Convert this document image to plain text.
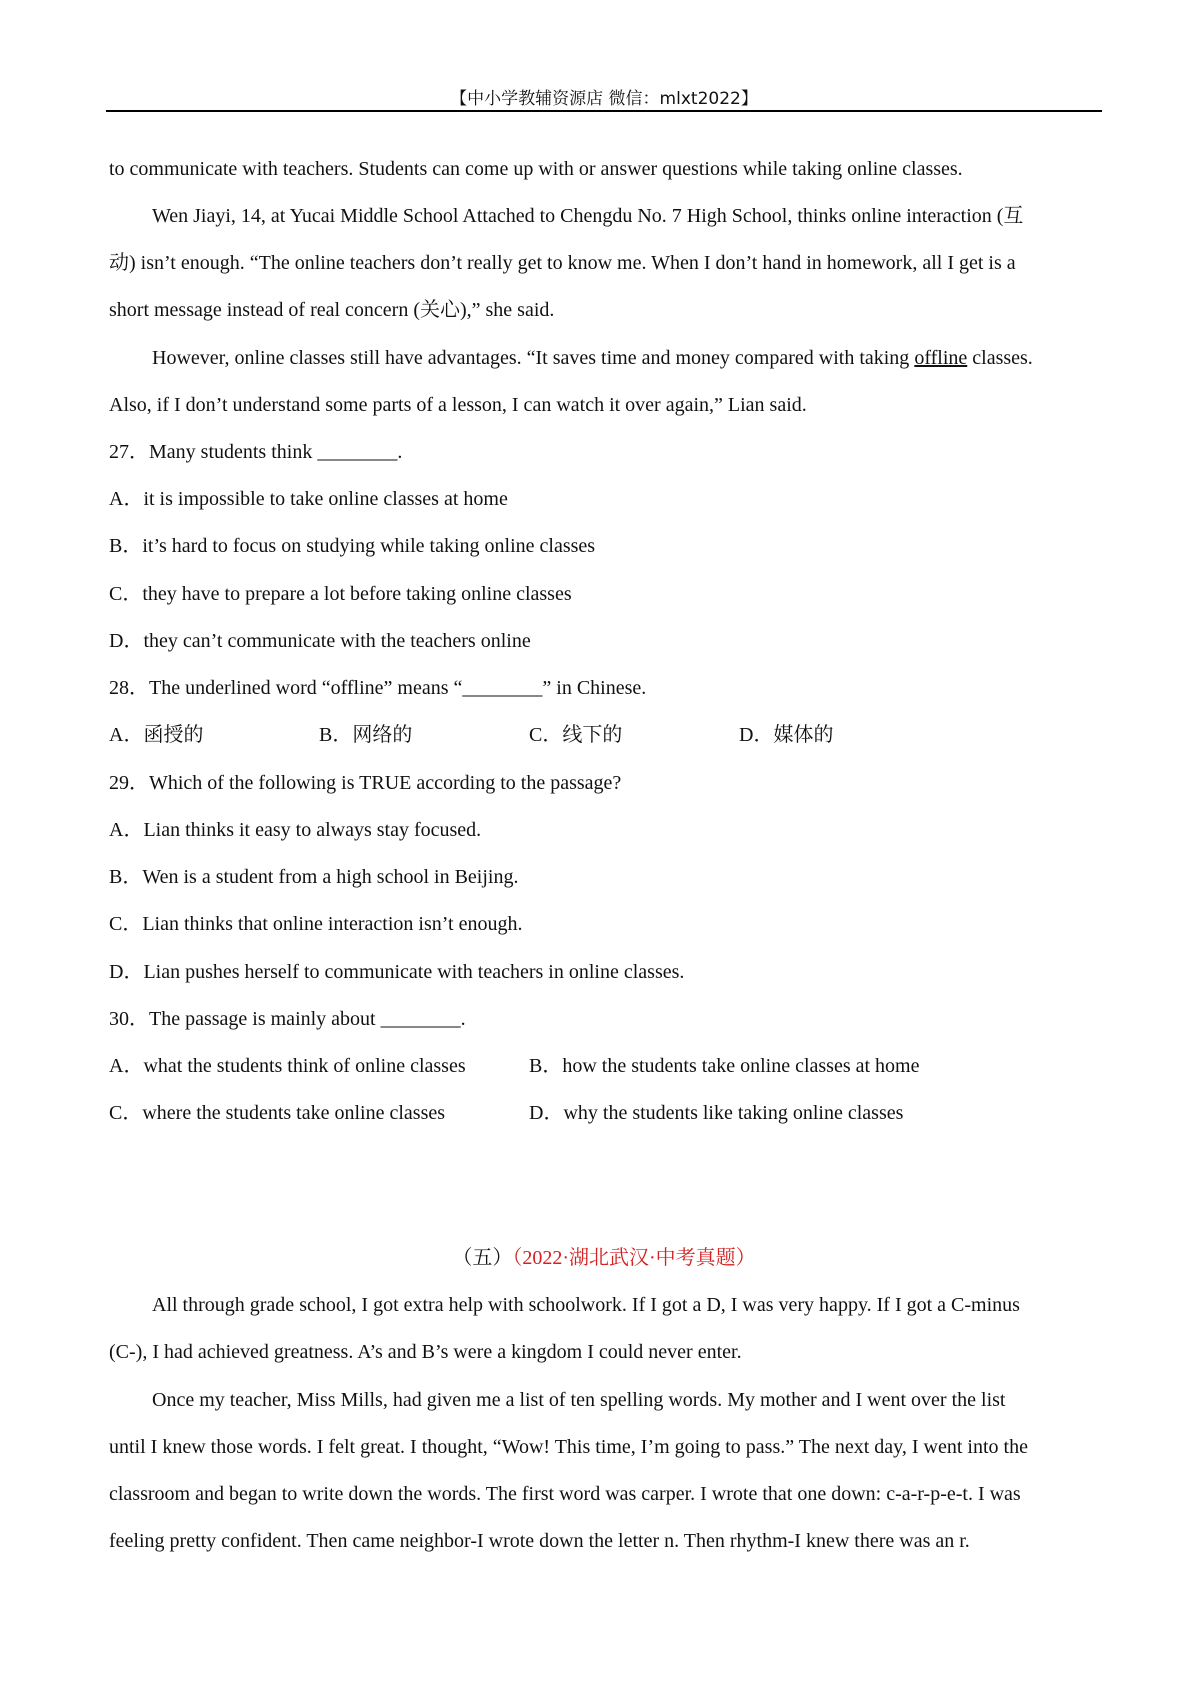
【中小学教辅资源店 微信：mlxt2022】
to communicate with teachers. Students can come up with or answer questions while taking online classes.
Wen Jiayi, 14, at Yucai Middle School Attached to Chengdu No. 7 High School, thinks online interaction (互
动) isn’t enough. “The online teachers don’t really get to know me. When I don’t hand in homework, all I get is a
short message instead of real concern (关心),” she said.
However, online classes still have advantages. “It saves time and money compared with taking offline classes.
Also, if I don’t understand some parts of a lesson, I can watch it over again,” Lian said.
27．Many students think ________.
A．it is impossible to take online classes at home
B．it’s hard to focus on studying while taking online classes
C．they have to prepare a lot before taking online classes
D．they can’t communicate with the teachers online
28．The underlined word “offline” means “________” in Chinese.
A．函授的	B．网络的	C．线下的	D．媒体的
29．Which of the following is TRUE according to the passage?
A．Lian thinks it easy to always stay focused.
B．Wen is a student from a high school in Beijing.
C．Lian thinks that online interaction isn’t enough.
D．Lian pushes herself to communicate with teachers in online classes.
30．The passage is mainly about ________.
A．what the students think of online classes	B．how the students take online classes at home
C．where the students take online classes	D．why the students like taking online classes
（五）（2022·湖北武汉·中考真题）
All through grade school, I got extra help with schoolwork. If I got a D, I was very happy. If I got a C-minus
(C-), I had achieved greatness. A’s and B’s were a kingdom I could never enter.
Once my teacher, Miss Mills, had given me a list of ten spelling words. My mother and I went over the list
until I knew those words. I felt great. I thought, “Wow! This time, I’m going to pass.” The next day, I went into the
classroom and began to write down the words. The first word was carper. I wrote that one down: c-a-r-p-e-t. I was
feeling pretty confident. Then came neighbor-I wrote down the letter n. Then rhythm-I knew there was an r.
